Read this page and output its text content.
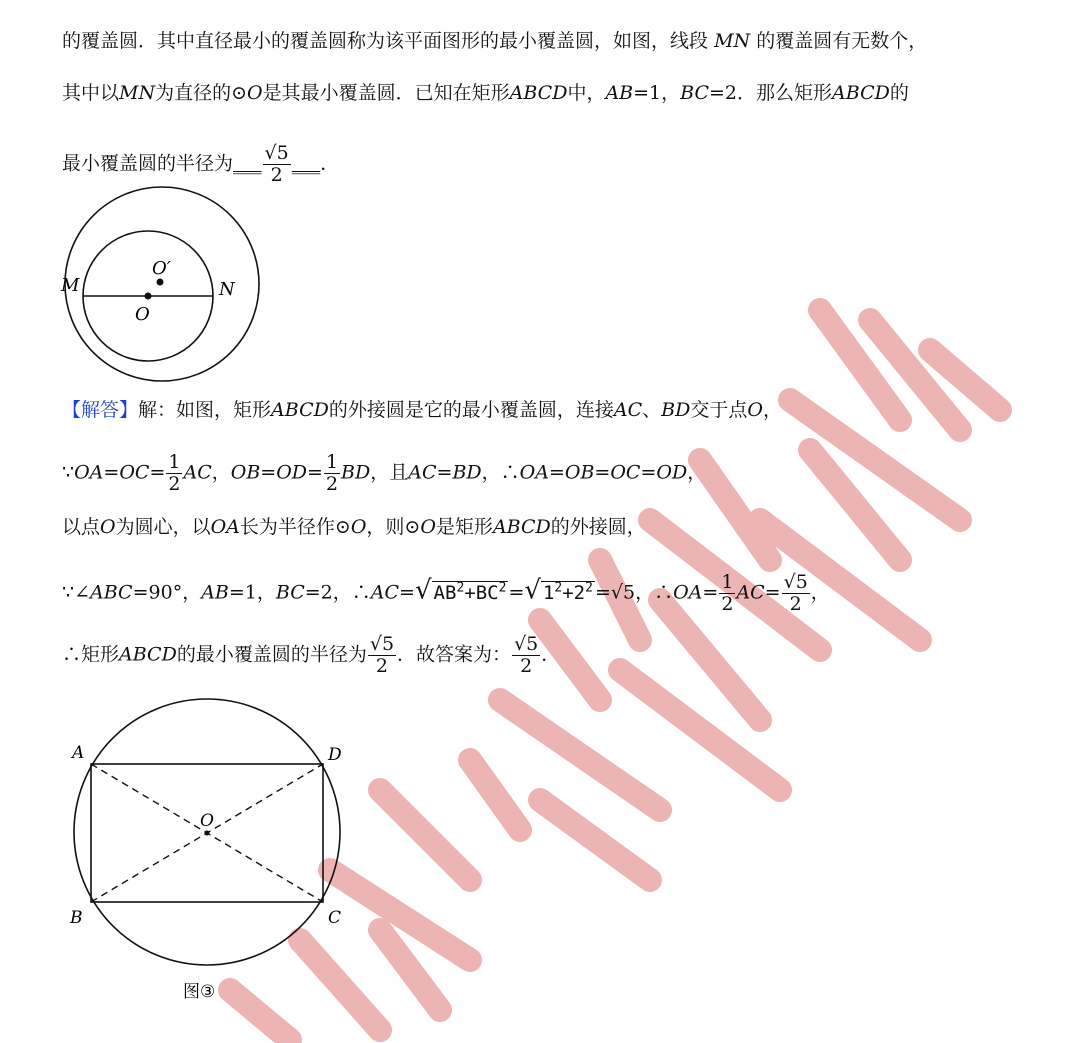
的覆盖圆．其中直径最小的覆盖圆称为该平面图形的最小覆盖圆，如图，线段 MN 的覆盖圆有无数个，
其中以MN为直径的⊙O是其最小覆盖圆．已知在矩形ABCD中，AB=1，BC=2．那么矩形ABCD的
最小覆盖圆的半径为___ $\frac{√5}{2}$ ___．
M	N
O
O′
【解答】解：如图，矩形ABCD的外接圆是它的最小覆盖圆，连接AC、BD交于点O，
∵OA=OC= $\frac{1}{2}$ AC，$OB=OD= \frac{1}{2}$ BD，且AC=BD，∴OA=OB=OC=OD，
以点O为圆心，以OA长为半径作⊙O，则⊙O是矩形ABCD的外接圆，
∵∠ABC=90°，AB=1，BC=2，∴AC=√ $AB^2+BC^2$ =√ $1^2+2^2 =√5$，∴OA= $\frac{1}{2} AC= \frac{√5}{2}$ ，
∴矩形ABCD的最小覆盖圆的半径为 $\frac{√5}{2}$ ．故答案为： $\frac{√5}{2}$ ．
A	D
B	C
O
图③
